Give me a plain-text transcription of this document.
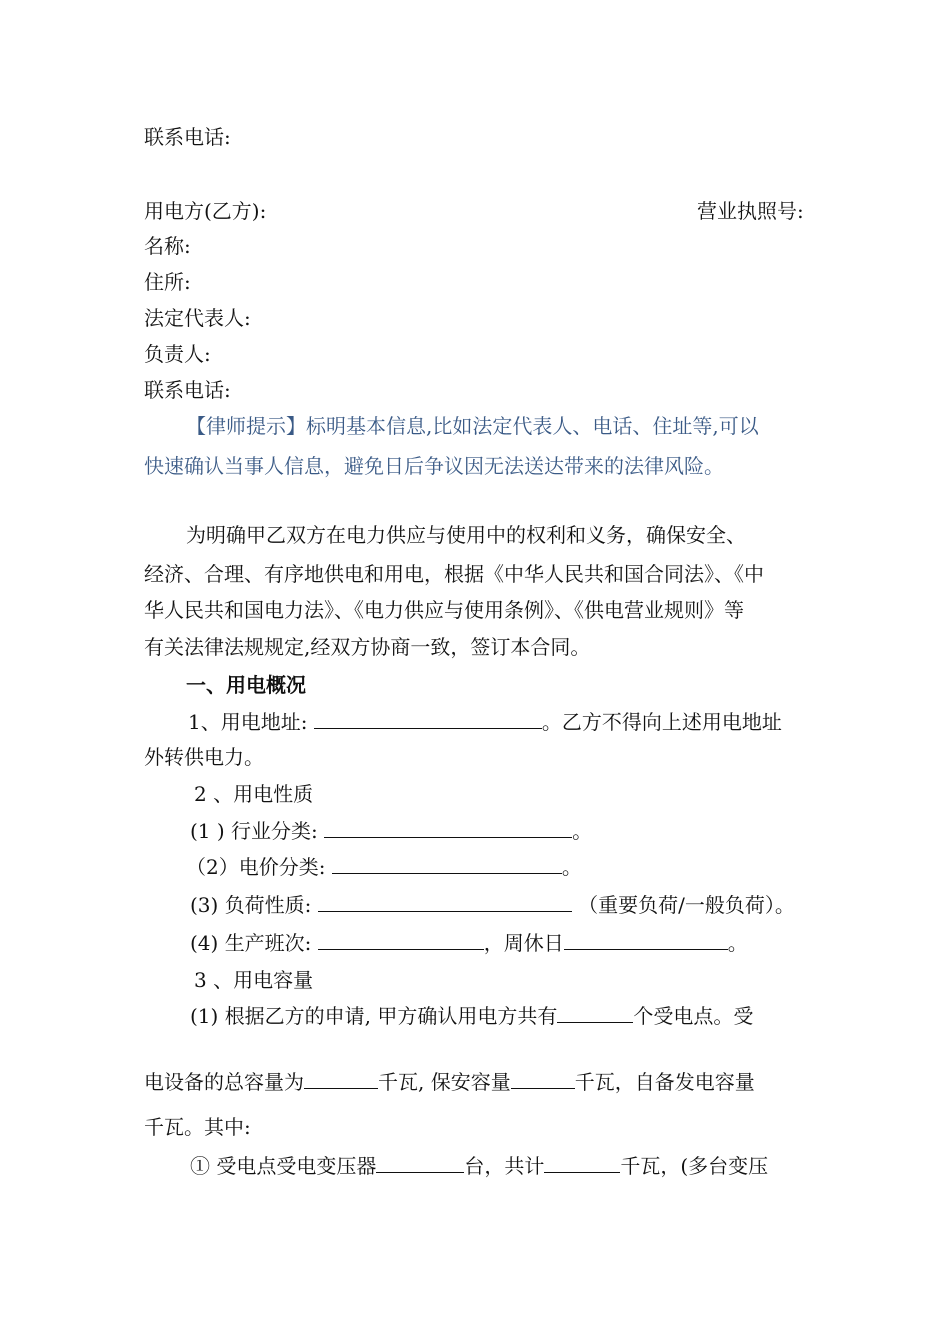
联系电话:
用电方(乙方):	营业执照号:
名称:
住所:
法定代表人:
负责人:
联系电话:
【律师提示】标明基本信息,比如法定代表人、电话、住址等,可以
快速确认当事人信息，避免日后争议因无法送达带来的法律风险。
为明确甲乙双方在电力供应与使用中的权利和义务，确保安全、
经济、合理、有序地供电和用电，根据《中华人民共和国合同法》、《中
华人民共和国电力法》、《电力供应与使用条例》、《供电营业规则》等
有关法律法规规定,经双方协商一致，签订本合同。
一、用电概况
1、用电地址:	。乙方不得向上述用电地址
外转供电力。
2 、用电性质
(1 ) 行业分类:	。
（2）电价分类:	。
(3) 负荷性质:	（重要负荷/一般负荷）。
(4) 生产班次:	，周休日	。
3 、用电容量
(1) 根据乙方的申请, 甲方确认用电方共有	个受电点。受
电设备的总容量为	千瓦, 保安容量	千瓦，自备发电容量
千瓦。其中:
① 受电点受电变压器	台，共计	千瓦，(多台变压
